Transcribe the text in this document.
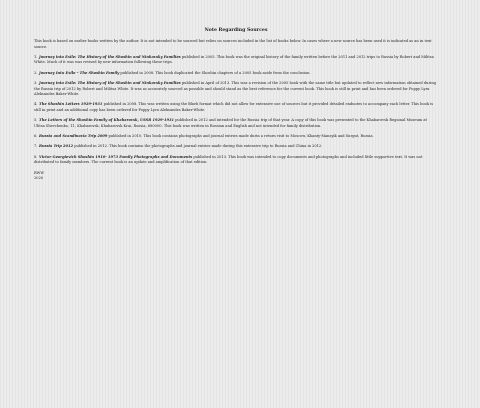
Note Regarding Sources
This book is based on earlier books written by the author. It is not intended to be sourced but relies on sources included in the list of books below. In cases where a new source has been used it is indicated as an in text source.
1. Journey into Exile: The History of the Shoshin and Ninkovsky Families published in 2005. This book was the original history of the family written before the 2011 and 2012 trips to Russia by Robert and Militsa White. Much of it was was revised by new information following these trips.
2. Journey Into Exile – The Shoshin Family published in 2008. This book duplicated the Shoshin chapters of a 2005 book aside from the conclusion.
3. Journey into Exile: The History of the Shoshin and Ninkovsky Families published in April of 2013. This was a revision of the 2005 book with the same title but updated to reflect new information obtained during the Russia trip of 2012 by Robert and Militsa White. It was as accurately sourced as possible and should stand as the best reference for the current book. This book is still in print and has been ordered for Poppy Lyra Aleksandra Baker-White.
4. The Shoshin Letters 1929-1931 published in 2008. This was written using the Blurb format which did not allow for extensive use of sources but it provided detailed endnotes to accompany each letter. This book is still in print and an additional copy has been ordered for Poppy Lyra Aleksandra Baker-White.
5. The Letters of the Shoshin Family of Khabarovsk, USSR 1929-1931 published in 2012 and intended for the Russia trip of that year. A copy of this book was presented to the Khabarovsk Regional Museum at Ulitsa Shevchenko, 11, Khabarovsk, Khabarovsk Krai, Russia, 680000. This book was written in Russian and English and not intended for family distribution.
6. Russia and Scandinavia Trip 2009 published in 2010. This book contains photographs and journal entries made durin a return visit to Moscow, Khanty-Mansyik and Surgut, Russia.
7. Russia Trip 2012 published in 2012. This book contains the photographs and journal entries made during this extensive trip to Russia and China in 2012.
8. Victor Georgievich Shoshin 1910- 1973 Family Photographs and Documents published in 2013. This book was intended to copy documents and photographs and included little supportive text. It was not distributed to family members. The current book is an update and amplification of that edition.
RWW
2020
